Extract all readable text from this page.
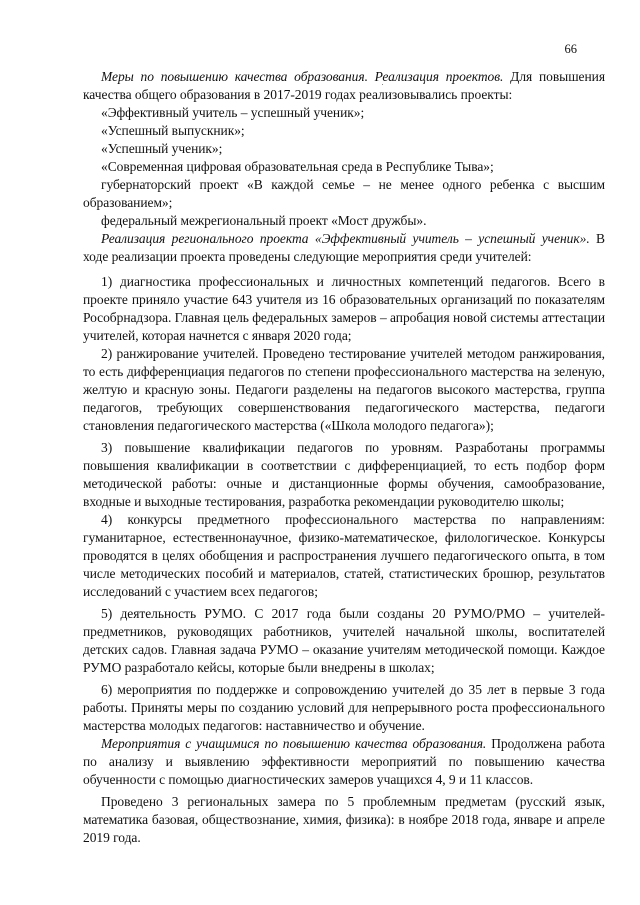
66

Меры по повышению качества образования. Реализация проектов. Для повышения качества общего образования в 2017-2019 годах реализовывались проекты:

«Эффективный учитель – успешный ученик»;

«Успешный выпускник»;

«Успешный ученик»;

«Современная цифровая образовательная среда в Республике Тыва»;

губернаторский проект «В каждой семье – не менее одного ребенка с высшим образованием»;

федеральный межрегиональный проект «Мост дружбы».

Реализация регионального проекта «Эффективный учитель – успешный ученик». В ходе реализации проекта проведены следующие мероприятия среди учителей:

1) диагностика профессиональных и личностных компетенций педагогов. Всего в проекте приняло участие 643 учителя из 16 образовательных организаций по показателям Рособрнадзора. Главная цель федеральных замеров – апробация новой системы аттестации учителей, которая начнется с января 2020 года;

2) ранжирование учителей. Проведено тестирование учителей методом ранжирования, то есть дифференциация педагогов по степени профессионального мастерства на зеленую, желтую и красную зоны. Педагоги разделены на педагогов высокого мастерства, группа педагогов, требующих совершенствования педагогического мастерства, педагоги становления педагогического мастерства («Школа молодого педагога»);

3) повышение квалификации педагогов по уровням. Разработаны программы повышения квалификации в соответствии с дифференциацией, то есть подбор форм методической работы: очные и дистанционные формы обучения, самообразование, входные и выходные тестирования, разработка рекомендации руководителю школы;

4) конкурсы предметного профессионального мастерства по направлениям: гуманитарное, естественнонаучное, физико-математическое, филологическое. Конкурсы проводятся в целях обобщения и распространения лучшего педагогического опыта, в том числе методических пособий и материалов, статей, статистических брошюр, результатов исследований с участием всех педагогов;

5) деятельность РУМО. С 2017 года были созданы 20 РУМО/РМО – учителей-предметников, руководящих работников, учителей начальной школы, воспитателей детских садов. Главная задача РУМО – оказание учителям методической помощи. Каждое РУМО разработало кейсы, которые были внедрены в школах;

6) мероприятия по поддержке и сопровождению учителей до 35 лет в первые 3 года работы. Приняты меры по созданию условий для непрерывного роста профессионального мастерства молодых педагогов: наставничество и обучение.

Мероприятия с учащимися по повышению качества образования. Продолжена работа по анализу и выявлению эффективности мероприятий по повышению качества обученности с помощью диагностических замеров учащихся 4, 9 и 11 классов.

Проведено 3 региональных замера по 5 проблемным предметам (русский язык, математика базовая, обществознание, химия, физика): в ноябре 2018 года, январе и апреле 2019 года.
